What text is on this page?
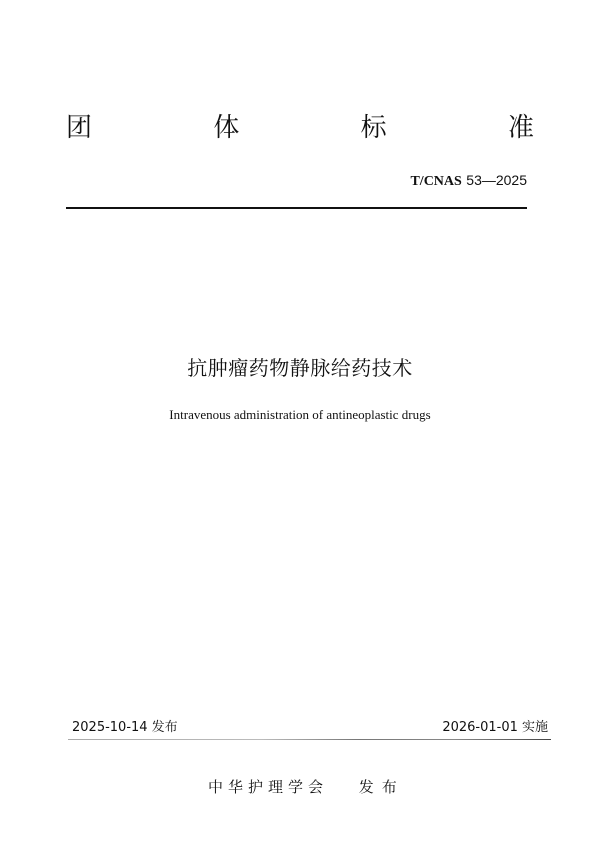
团	体	标	准
T/CNAS 53—2025
抗肿瘤药物静脉给药技术
Intravenous administration of antineoplastic drugs
2025-10-14 发布	2026-01-01 实施
中华护理学会 发布
